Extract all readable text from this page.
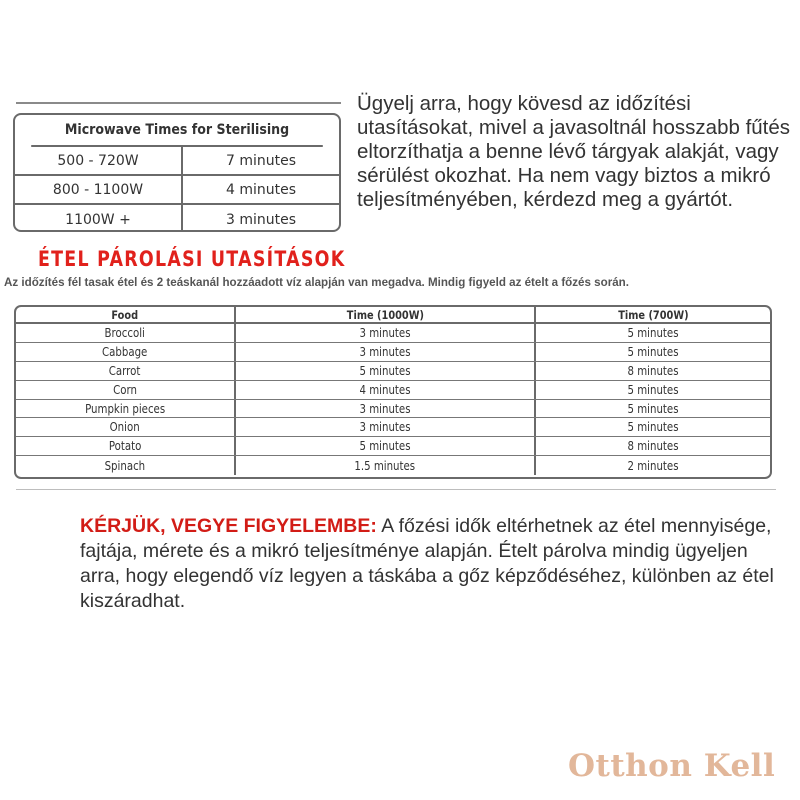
Microwave Times for Sterilising
500 - 720W	7 minutes
800 - 1100W	4 minutes
1100W +	3 minutes

Ügyelj arra, hogy kövesd az időzítési utasításokat, mivel a javasoltnál hosszabb fűtés eltorzíthatja a benne lévő tárgyak alakját, vagy sérülést okozhat. Ha nem vagy biztos a mikró teljesítményében, kérdezd meg a gyártót.

ÉTEL PÁROLÁSI UTASÍTÁSOK
Az időzítés fél tasak étel és 2 teáskanál hozzáadott víz alapján van megadva. Mindig figyeld az ételt a főzés során.
Food	Time (1000W)	Time (700W)
Broccoli	3 minutes	5 minutes
Cabbage	3 minutes	5 minutes
Carrot	5 minutes	8 minutes
Corn	4 minutes	5 minutes
Pumpkin pieces	3 minutes	5 minutes
Onion	3 minutes	5 minutes
Potato	5 minutes	8 minutes
Spinach	1.5 minutes	2 minutes

KÉRJÜK, VEGYE FIGYELEMBE: A főzési idők eltérhetnek az étel mennyisége, fajtája, mérete és a mikró teljesítménye alapján. Ételt párolva mindig ügyeljen arra, hogy elegendő víz legyen a táskába a gőz képződéséhez, különben az étel kiszáradhat.

Otthon Kell
